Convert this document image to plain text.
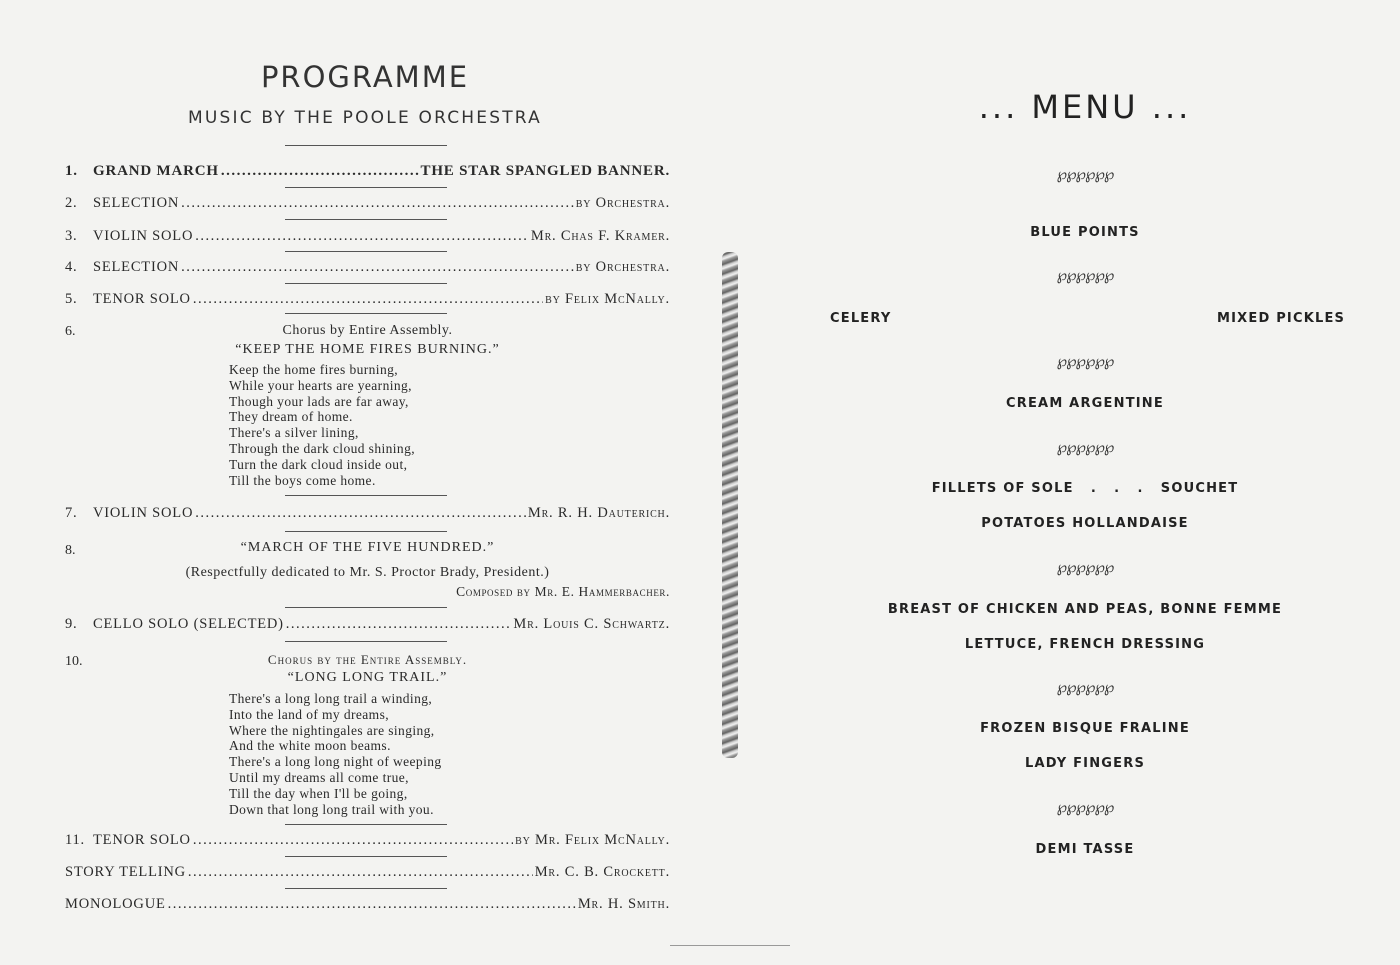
PROGRAMME
MUSIC BY THE POOLE ORCHESTRA
1.	GRAND MARCH .....	THE STAR SPANGLED BANNER.
2.	SELECTION .....	by Orchestra.
3.	VIOLIN SOLO .....	Mr. Chas F. Kramer.
4.	SELECTION .....	by Orchestra.
5.	TENOR SOLO .....	by Felix McNally.
6.	Chorus by Entire Assembly.
“KEEP THE HOME FIRES BURNING.”
Keep the home fires burning,
While your hearts are yearning,
Though your lads are far away,
They dream of home.
There's a silver lining,
Through the dark cloud shining,
Turn the dark cloud inside out,
Till the boys come home.
7.	VIOLIN SOLO .....	Mr. R. H. Dauterich.
8.	“MARCH OF THE FIVE HUNDRED.”
(Respectfully dedicated to Mr. S. Proctor Brady, President.)
Composed by Mr. E. Hammerbacher.
9.	CELLO SOLO (SELECTED) .....	Mr. Louis C. Schwartz.
10.	Chorus by the Entire Assembly.
“LONG LONG TRAIL.”
There's a long long trail a winding,
Into the land of my dreams,
Where the nightingales are singing,
And the white moon beams.
There's a long long night of weeping
Until my dreams all come true,
Till the day when I'll be going,
Down that long long trail with you.
11. TENOR SOLO .....	by Mr. Felix McNally.
STORY TELLING .....	Mr. C. B. Crockett.
MONOLOGUE .....	Mr. H. Smith.
... MENU ...
℘℘℘℘℘℘
BLUE POINTS
℘℘℘℘℘℘
CELERY	MIXED PICKLES
℘℘℘℘℘℘
CREAM ARGENTINE
℘℘℘℘℘℘
FILLETS OF SOLE   .   .   .   SOUCHET
POTATOES HOLLANDAISE
℘℘℘℘℘℘
BREAST OF CHICKEN AND PEAS, BONNE FEMME
LETTUCE, FRENCH DRESSING
℘℘℘℘℘℘
FROZEN BISQUE FRALINE
LADY FINGERS
℘℘℘℘℘℘
DEMI TASSE
